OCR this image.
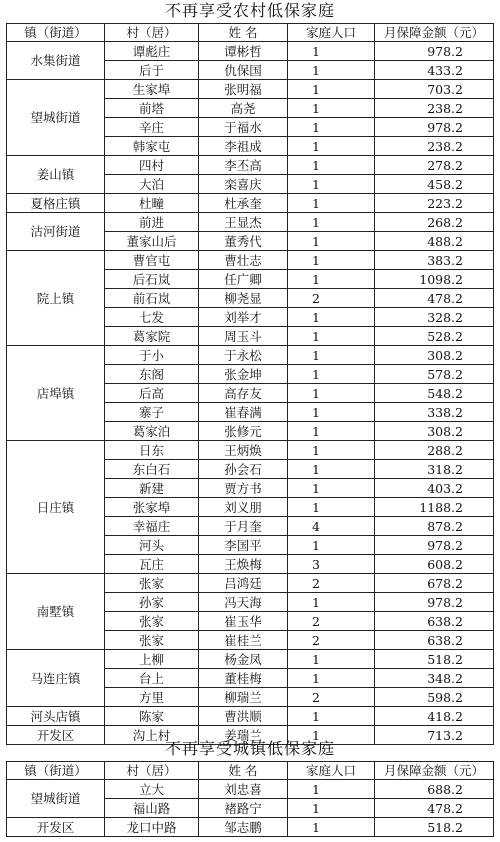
不再享受农村低保家庭
镇（街道）	村（居）	姓 名	家庭人口	月保障金额（元）
水集街道	谭彪庄	谭彬哲	1	978.2
	后于	仇保国	1	433.2
望城街道	生家埠	张明福	1	703.2
	前塔	高尧	1	238.2
	辛庄	于福水	1	978.2
	韩家屯	李祖成	1	238.2
姜山镇	四村	李丕高	1	278.2
	大泊	栾喜庆	1	458.2
夏格庄镇	杜疃	杜承奎	1	223.2
沽河街道	前进	王显杰	1	268.2
	董家山后	董秀代	1	488.2
院上镇	曹官屯	曹壮志	1	383.2
	后石岚	任广卿	1	1098.2
	前石岚	柳尧显	2	478.2
	七发	刘举才	1	328.2
	葛家院	周玉斗	1	528.2
店埠镇	于小	于永松	1	308.2
	东阁	张金坤	1	578.2
	后高	高存友	1	548.2
	寨子	崔春满	1	338.2
	葛家泊	张修元	1	308.2
日庄镇	日东	王炳焕	1	288.2
	东白石	孙会石	1	318.2
	新建	贾方书	1	403.2
	张家埠	刘义朋	1	1188.2
	幸福庄	于月奎	4	878.2
	河头	李国平	1	978.2
	瓦庄	王焕梅	3	608.2
南墅镇	张家	吕鸿廷	2	678.2
	孙家	冯天海	1	978.2
	张家	崔玉华	2	638.2
	张家	崔桂兰	2	638.2
马连庄镇	上柳	杨金凤	1	518.2
	台上	董桂梅	1	348.2
	方里	柳瑞兰	2	598.2
河头店镇	陈家	曹洪顺	1	418.2
开发区	沟上村	姜瑞兰	1	713.2
不再享受城镇低保家庭
镇（街道）	村（居）	姓 名	家庭人口	月保障金额（元）
望城街道	立大	刘忠喜	1	688.2
	福山路	褚路宁	1	478.2
开发区	龙口中路	邹志鹏	1	518.2
